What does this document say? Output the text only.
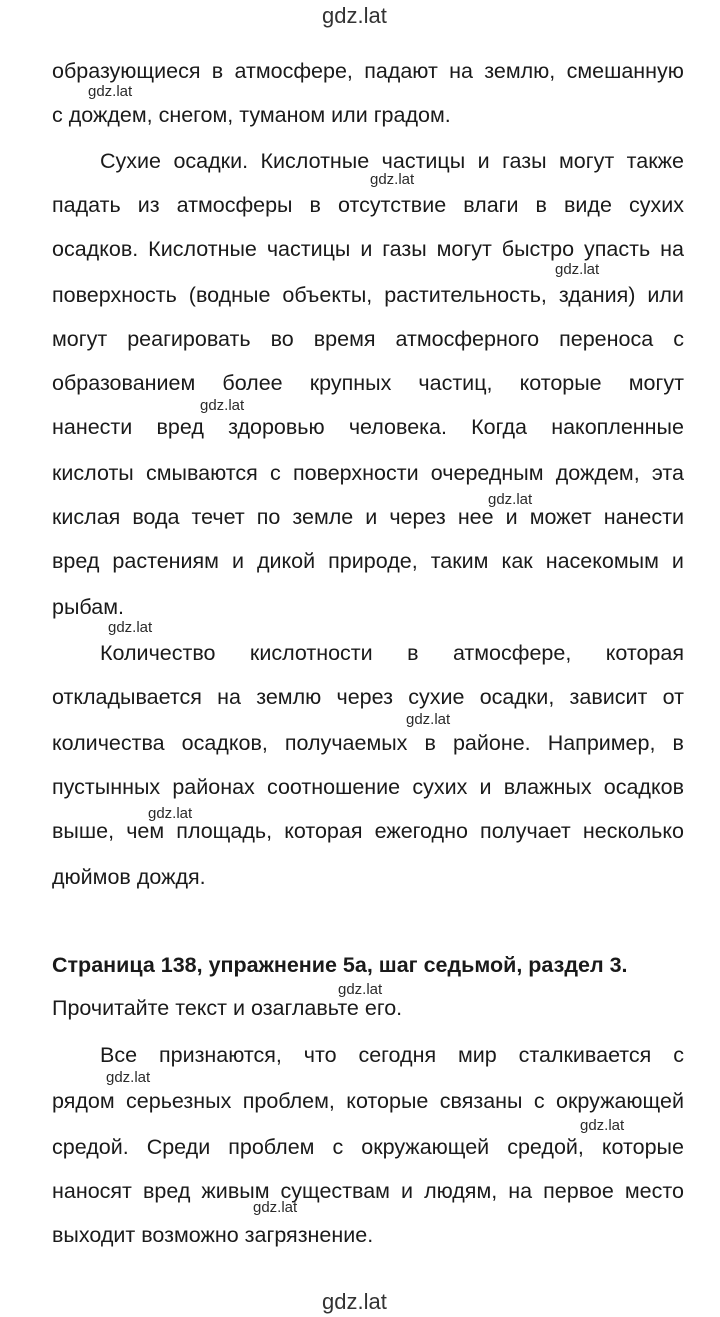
gdz.lat
gdz.lat
gdz.lat
gdz.lat
gdz.lat
gdz.lat
gdz.lat
gdz.lat
gdz.lat
gdz.lat
gdz.lat
gdz.lat
gdz.lat
gdz.lat
образующиеся в атмосфере, падают на землю, смешанную
с дождем, снегом, туманом или градом.
Сухие осадки. Кислотные частицы и газы могут также
падать из атмосферы в отсутствие влаги в виде сухих
осадков. Кислотные частицы и газы могут быстро упасть на
поверхность (водные объекты, растительность, здания) или
могут реагировать во время атмосферного переноса с
образованием более крупных частиц, которые могут
нанести вред здоровью человека. Когда накопленные
кислоты смываются с поверхности очередным дождем, эта
кислая вода течет по земле и через нее и может нанести
вред растениям и дикой природе, таким как насекомым и
рыбам.
Количество кислотности в атмосфере, которая
откладывается на землю через сухие осадки, зависит от
количества осадков, получаемых в районе. Например, в
пустынных районах соотношение сухих и влажных осадков
выше, чем площадь, которая ежегодно получает несколько
дюймов дождя.
Страница 138, упражнение 5а, шаг седьмой, раздел 3.
Прочитайте текст и озаглавьте его.
Все признаются, что сегодня мир сталкивается с
рядом серьезных проблем, которые связаны с окружающей
средой. Среди проблем с окружающей средой, которые
наносят вред живым существам и людям, на первое место
выходит возможно загрязнение.
